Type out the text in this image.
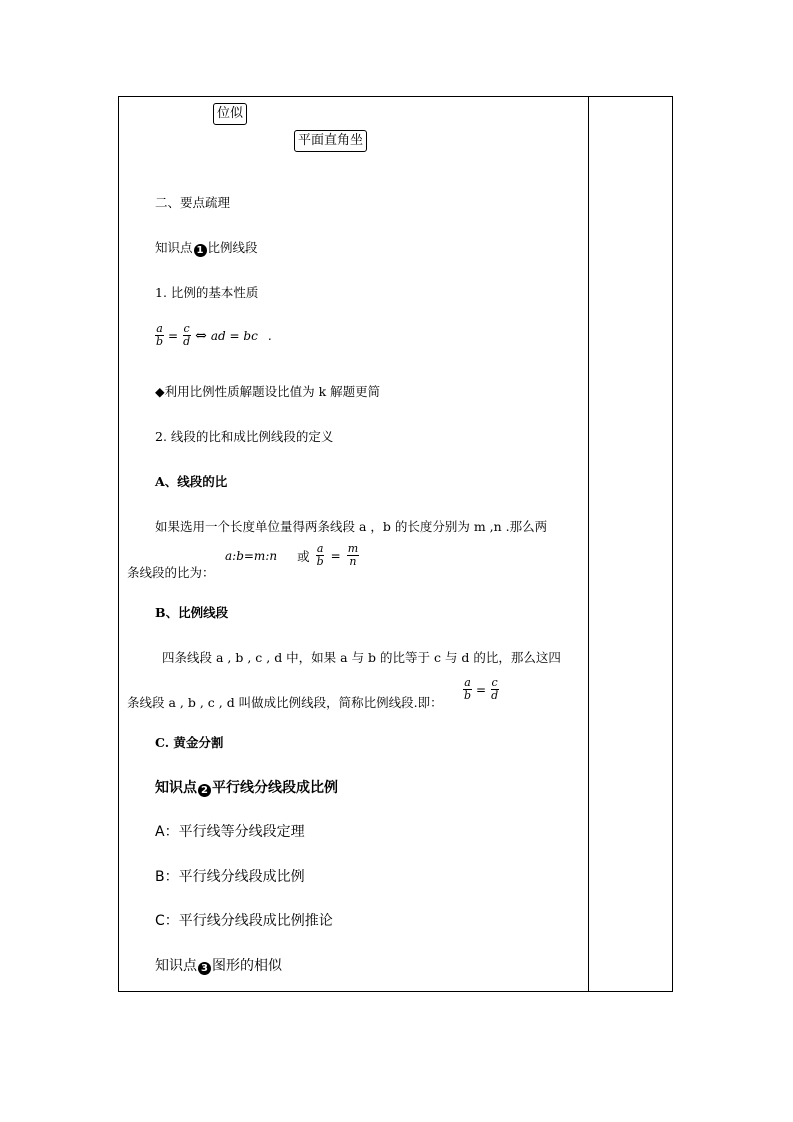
位似
平面直角坐
二、要点疏理
知识点 1 比例线段
1. 比例的基本性质
$\frac{a}{b} = \frac{c}{d}$ ⇔ ad = bc .
◆利用比例性质解题设比值为 k 解题更简
2. 线段的比和成比例线段的定义
A、线段的比
如果选用一个长度单位量得两条线段 a ，b 的长度分别为 m ,n .那么两
条线段的比为：
a:b=m:n 或 $\frac{a}{b} = \frac{m}{n}$
B、比例线段
四条线段 a , b , c , d 中，如果 a 与 b 的比等于 c 与 d 的比，那么这四
条线段 a , b , c , d 叫做成比例线段，简称比例线段.即：
$\frac{a}{b} = \frac{c}{d}$
C. 黄金分割
知识点 2 平行线分线段成比例
A：平行线等分线段定理
B：平行线分线段成比例
C：平行线分线段成比例推论
知识点 3 图形的相似
